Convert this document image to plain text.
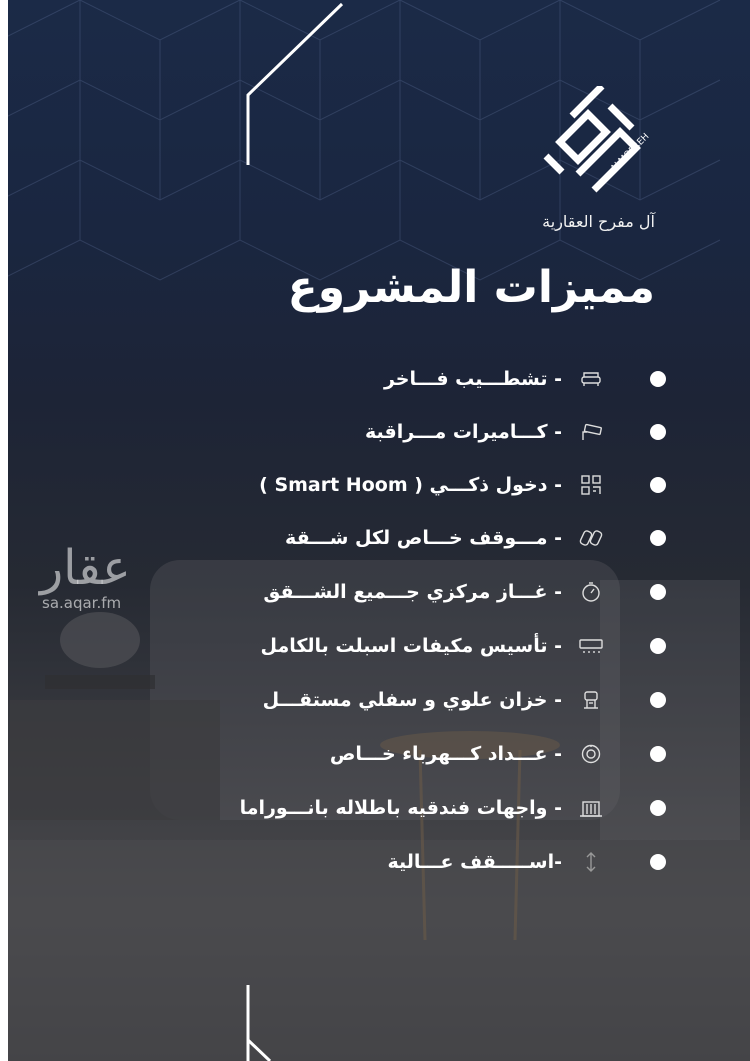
ALMOFREH
آل مفرح العقارية
مميزات المشروع
- تشطـــيب فـــاخر
- كـــاميرات مـــراقبة
- دخول ذكـــي ( Smart Hoom )
- مـــوقف خـــاص لكل شـــقة
- غـــاز مركزي جـــميع الشـــقق
- تأسيس مكيفات اسبلت بالكامل
- خزان علوي و سفلي مستقـــل
- عـــداد كـــهرباء خـــاص
- واجهات فندقيه باطلاله بانـــوراما
-اســـــقف عـــالية
عقار
sa.aqar.fm
